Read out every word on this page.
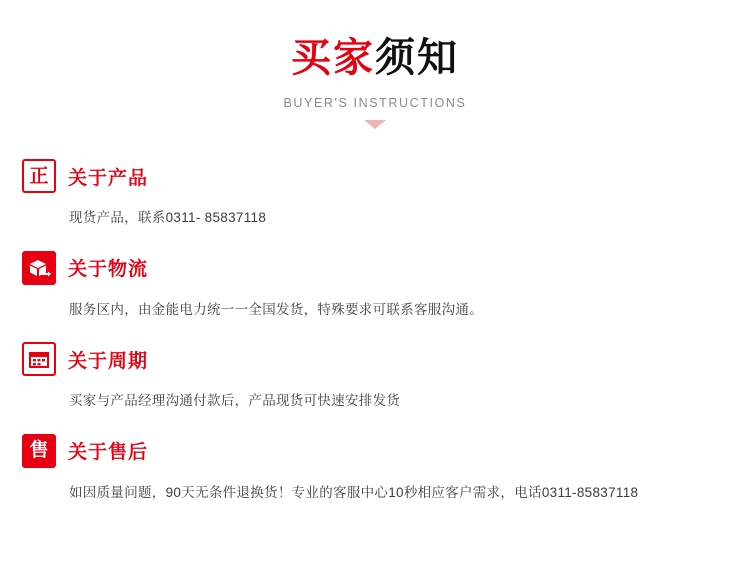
买家须知
BUYER'S INSTRUCTIONS
正 关于产品
现货产品，联系0311- 85837118
关于物流
服务区内，由金能电力统一一全国发货，特殊要求可联系客服沟通。
关于周期
买家与产品经理沟通付款后，产品现货可快速安排发货
售 关于售后
如因质量问题，90天无条件退换货！专业的客服中心10秒相应客户需求，电话0311-85837118
